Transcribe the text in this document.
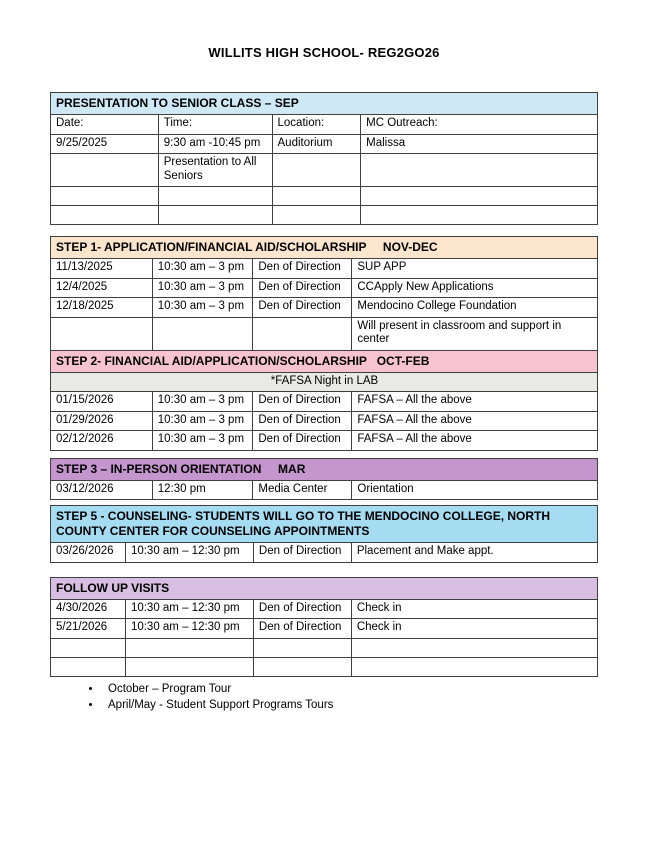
WILLITS HIGH SCHOOL- REG2GO26
PRESENTATION TO SENIOR CLASS – SEP			
Date:	Time:	Location:	MC Outreach:
9/25/2025	9:30 am -10:45 pm	Auditorium	Malissa
	Presentation to All Seniors		

STEP 1- APPLICATION/FINANCIAL AID/SCHOLARSHIP     NOV-DEC			
11/13/2025	10:30 am – 3 pm	Den of Direction	SUP APP
12/4/2025	10:30 am – 3 pm	Den of Direction	CCApply New Applications
12/18/2025	10:30 am – 3 pm	Den of Direction	Mendocino College Foundation
			Will present in classroom and support in center
STEP 2- FINANCIAL AID/APPLICATION/SCHOLARSHIP   OCT-FEB			
*FAFSA Night in LAB			
01/15/2026	10:30 am – 3 pm	Den of Direction	FAFSA – All the above
01/29/2026	10:30 am – 3 pm	Den of Direction	FAFSA – All the above
02/12/2026	10:30 am – 3 pm	Den of Direction	FAFSA – All the above
STEP 3 – IN-PERSON ORIENTATION     MAR
03/12/2026	12:30 pm	Media Center	Orientation
STEP 5 - COUNSELING- STUDENTS WILL GO TO THE MENDOCINO COLLEGE, NORTH COUNTY CENTER FOR COUNSELING APPOINTMENTS
03/26/2026	10:30 am – 12:30 pm	Den of Direction	Placement and Make appt.
FOLLOW UP VISITS			
4/30/2026	10:30 am – 12:30 pm	Den of Direction	Check in
5/21/2026	10:30 am – 12:30 pm	Den of Direction	Check in

• October – Program Tour
• April/May - Student Support Programs Tours
